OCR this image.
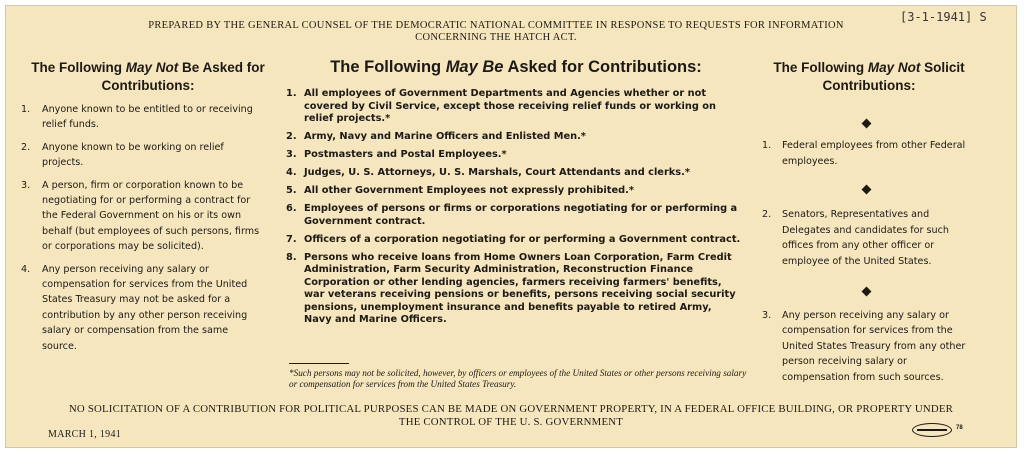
[3-1-1941] S
PREPARED BY THE GENERAL COUNSEL OF THE DEMOCRATIC NATIONAL COMMITTEE IN RESPONSE TO REQUESTS FOR INFORMATION CONCERNING THE HATCH ACT.
The Following May Not Be Asked for Contributions:
The Following May Be Asked for Contributions:	The Following May Not Solicit Contributions:
1. Anyone known to be entitled to or receiving relief funds.
2. Anyone known to be working on relief projects.
3. A person, firm or corporation known to be negotiating for or performing a contract for the Federal Government on his or its own behalf (but employees of such persons, firms or corporations may be solicited).
4. Any person receiving any salary or compensation for services from the United States Treasury may not be asked for a contribution by any other person receiving salary or compensation from the same source.
1. All employees of Government Departments and Agencies whether or not covered by Civil Service, except those receiving relief funds or working on relief projects.*
2. Army, Navy and Marine Officers and Enlisted Men.*
3. Postmasters and Postal Employees.*
4. Judges, U. S. Attorneys, U. S. Marshals, Court Attendants and clerks.*
5. All other Government Employees not expressly prohibited.*
6. Employees of persons or firms or corporations negotiating for or performing a Government contract.
7. Officers of a corporation negotiating for or performing a Government contract.
8. Persons who receive loans from Home Owners Loan Corporation, Farm Credit Administration, Farm Security Administration, Reconstruction Finance Corporation or other lending agencies, farmers receiving farmers' benefits, war veterans receiving pensions or benefits, persons receiving social security pensions, unemployment insurance and benefits payable to retired Army, Navy and Marine Officers.
*Such persons may not be solicited, however, by officers or employees of the United States or other persons receiving salary or compensation for services from the United States Treasury.
1. Federal employees from other Federal employees.
2. Senators, Representatives and Delegates and candidates for such offices from any other officer or employee of the United States.
3. Any person receiving any salary or compensation for services from the United States Treasury from any other person receiving salary or compensation from such sources.
NO SOLICITATION OF A CONTRIBUTION FOR POLITICAL PURPOSES CAN BE MADE ON GOVERNMENT PROPERTY, IN A FEDERAL OFFICE BUILDING, OR PROPERTY UNDER THE CONTROL OF THE U. S. GOVERNMENT
MARCH 1, 1941
78
